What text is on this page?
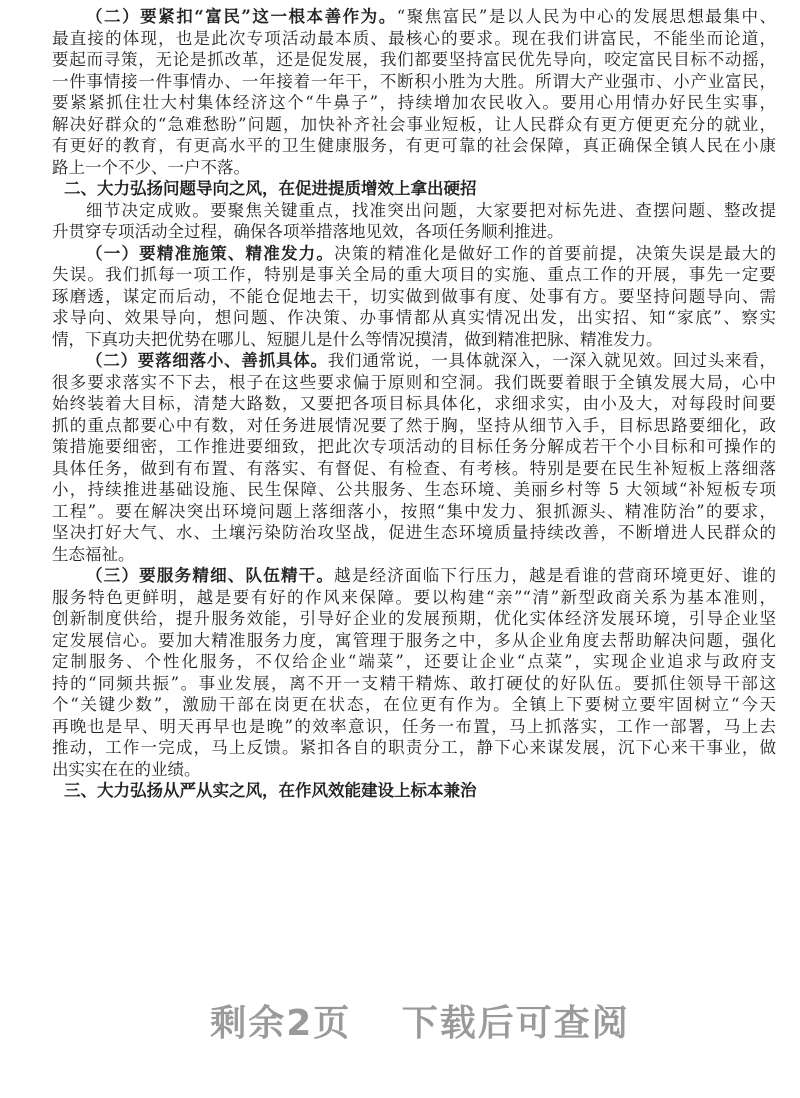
（二）要紧扣“富民”这一根本善作为。“聚焦富民”是以人民为中心的发展思想最集中、
最直接的体现，也是此次专项活动最本质、最核心的要求。现在我们讲富民，不能坐而论道，
要起而寻策，无论是抓改革，还是促发展，我们都要坚持富民优先导向，咬定富民目标不动摇，
一件事情接一件事情办、一年接着一年干，不断积小胜为大胜。所谓大产业强市、小产业富民，
要紧紧抓住壮大村集体经济这个“牛鼻子”，持续增加农民收入。要用心用情办好民生实事，
解决好群众的“急难愁盼”问题，加快补齐社会事业短板，让人民群众有更方便更充分的就业，
有更好的教育，有更高水平的卫生健康服务，有更可靠的社会保障，真正确保全镇人民在小康
路上一个不少、一户不落。
二、大力弘扬问题导向之风，在促进提质增效上拿出硬招
细节决定成败。要聚焦关键重点，找准突出问题，大家要把对标先进、查摆问题、整改提
升贯穿专项活动全过程，确保各项举措落地见效，各项任务顺利推进。
（一）要精准施策、精准发力。决策的精准化是做好工作的首要前提，决策失误是最大的
失误。我们抓每一项工作，特别是事关全局的重大项目的实施、重点工作的开展，事先一定要
琢磨透，谋定而后动，不能仓促地去干，切实做到做事有度、处事有方。要坚持问题导向、需
求导向、效果导向，想问题、作决策、办事情都从真实情况出发，出实招、知“家底”、察实
情，下真功夫把优势在哪儿、短腿儿是什么等情况摸清，做到精准把脉、精准发力。
（二）要落细落小、善抓具体。我们通常说，一具体就深入，一深入就见效。回过头来看，
很多要求落实不下去，根子在这些要求偏于原则和空洞。我们既要着眼于全镇发展大局，心中
始终装着大目标，清楚大路数，又要把各项目标具体化，求细求实，由小及大，对每段时间要
抓的重点都要心中有数，对任务进展情况要了然于胸，坚持从细节入手，目标思路要细化，政
策措施要细密，工作推进要细致，把此次专项活动的目标任务分解成若干个小目标和可操作的
具体任务，做到有布置、有落实、有督促、有检查、有考核。特别是要在民生补短板上落细落
小，持续推进基础设施、民生保障、公共服务、生态环境、美丽乡村等 5 大领域“补短板专项
工程”。要在解决突出环境问题上落细落小，按照“集中发力、狠抓源头、精准防治”的要求，
坚决打好大气、水、土壤污染防治攻坚战，促进生态环境质量持续改善，不断增进人民群众的
生态福祉。
（三）要服务精细、队伍精干。越是经济面临下行压力，越是看谁的营商环境更好、谁的
服务特色更鲜明，越是要有好的作风来保障。要以构建“亲”“清”新型政商关系为基本准则，
创新制度供给，提升服务效能，引导好企业的发展预期，优化实体经济发展环境，引导企业坚
定发展信心。要加大精准服务力度，寓管理于服务之中，多从企业角度去帮助解决问题，强化
定制服务、个性化服务，不仅给企业“端菜”，还要让企业“点菜”，实现企业追求与政府支
持的“同频共振”。事业发展，离不开一支精干精炼、敢打硬仗的好队伍。要抓住领导干部这
个“关键少数”，激励干部在岗更在状态，在位更有作为。全镇上下要树立要牢固树立“今天
再晚也是早、明天再早也是晚”的效率意识，任务一布置，马上抓落实，工作一部署，马上去
推动，工作一完成，马上反馈。紧扣各自的职责分工，静下心来谋发展，沉下心来干事业，做
出实实在在的业绩。
三、大力弘扬从严从实之风，在作风效能建设上标本兼治
剩余2页 下载后可查阅
